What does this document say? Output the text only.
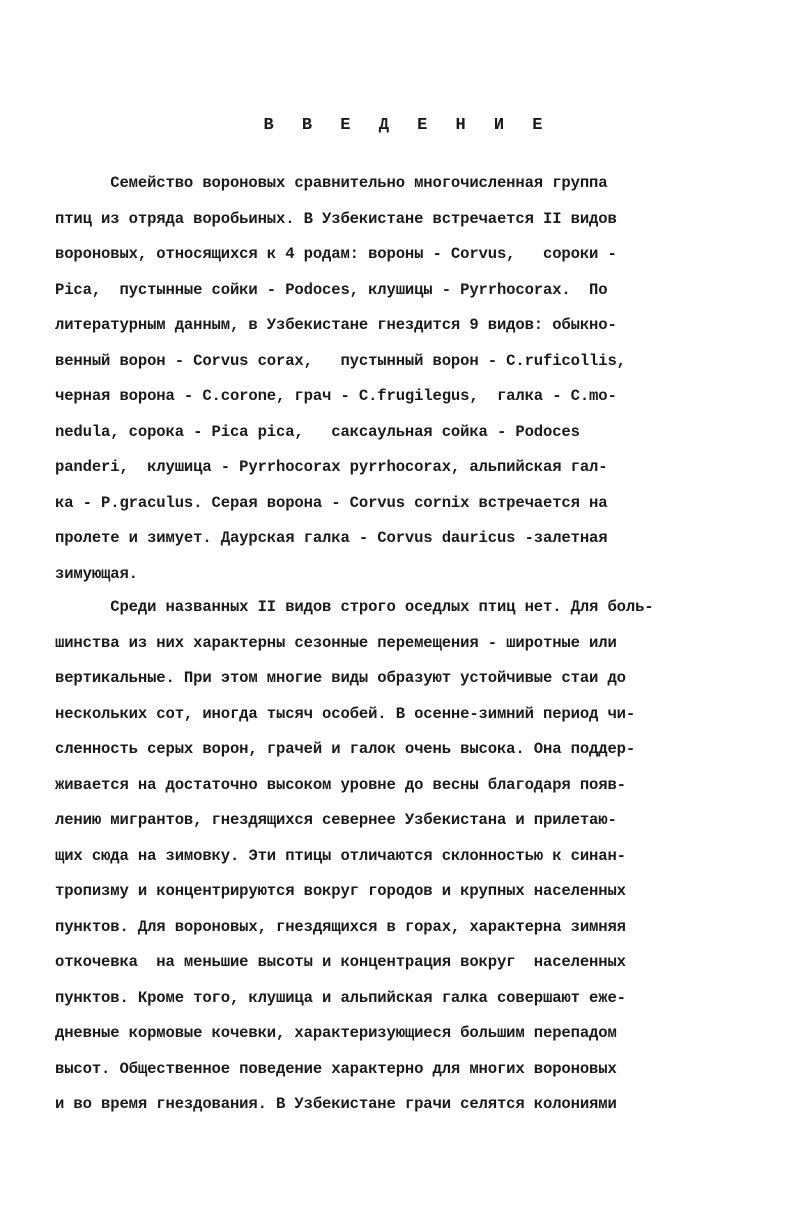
В В Е Д Е Н И Е
Семейство вороновых сравнительно многочисленная группа
птиц из отряда воробьиных. В Узбекистане встречается II видов
вороновых, относящихся к 4 родам: вороны - Corvus,   сороки -
Pica,  пустынные сойки - Podoces, клушицы - Pyrrhocorax.  По
литературным данным, в Узбекистане гнездится 9 видов: обыкно-
венный ворон - Corvus corax,   пустынный ворон - C.ruficollis,
черная ворона - C.corone, грач - C.frugilegus,  галка - C.mo-
nedula, сорока - Pica pica,   саксаульная сойка - Podoces
panderi,  клушица - Pyrrhocorax pyrrhocorax, альпийская гал-
ка - P.graculus. Серая ворона - Corvus cornix встречается на
пролете и зимует. Даурская галка - Corvus dauricus -залетная
зимующая.
Среди названных II видов строго оседлых птиц нет. Для боль-
шинства из них характерны сезонные перемещения - широтные или
вертикальные. При этом многие виды образуют устойчивые стаи до
нескольких сот, иногда тысяч особей. В осенне-зимний период чи-
сленность серых ворон, грачей и галок очень высока. Она поддер-
живается на достаточно высоком уровне до весны благодаря появ-
лению мигрантов, гнездящихся севернее Узбекистана и прилетаю-
щих сюда на зимовку. Эти птицы отличаются склонностью к синан-
тропизму и концентрируются вокруг городов и крупных населенных
пунктов. Для вороновых, гнездящихся в горах, характерна зимняя
откочевка  на меньшие высоты и концентрация вокруг  населенных
пунктов. Кроме того, клушица и альпийская галка совершают еже-
дневные кормовые кочевки, характеризующиеся большим перепадом
высот. Общественное поведение характерно для многих вороновых
и во время гнездования. В Узбекистане грачи селятся колониями
